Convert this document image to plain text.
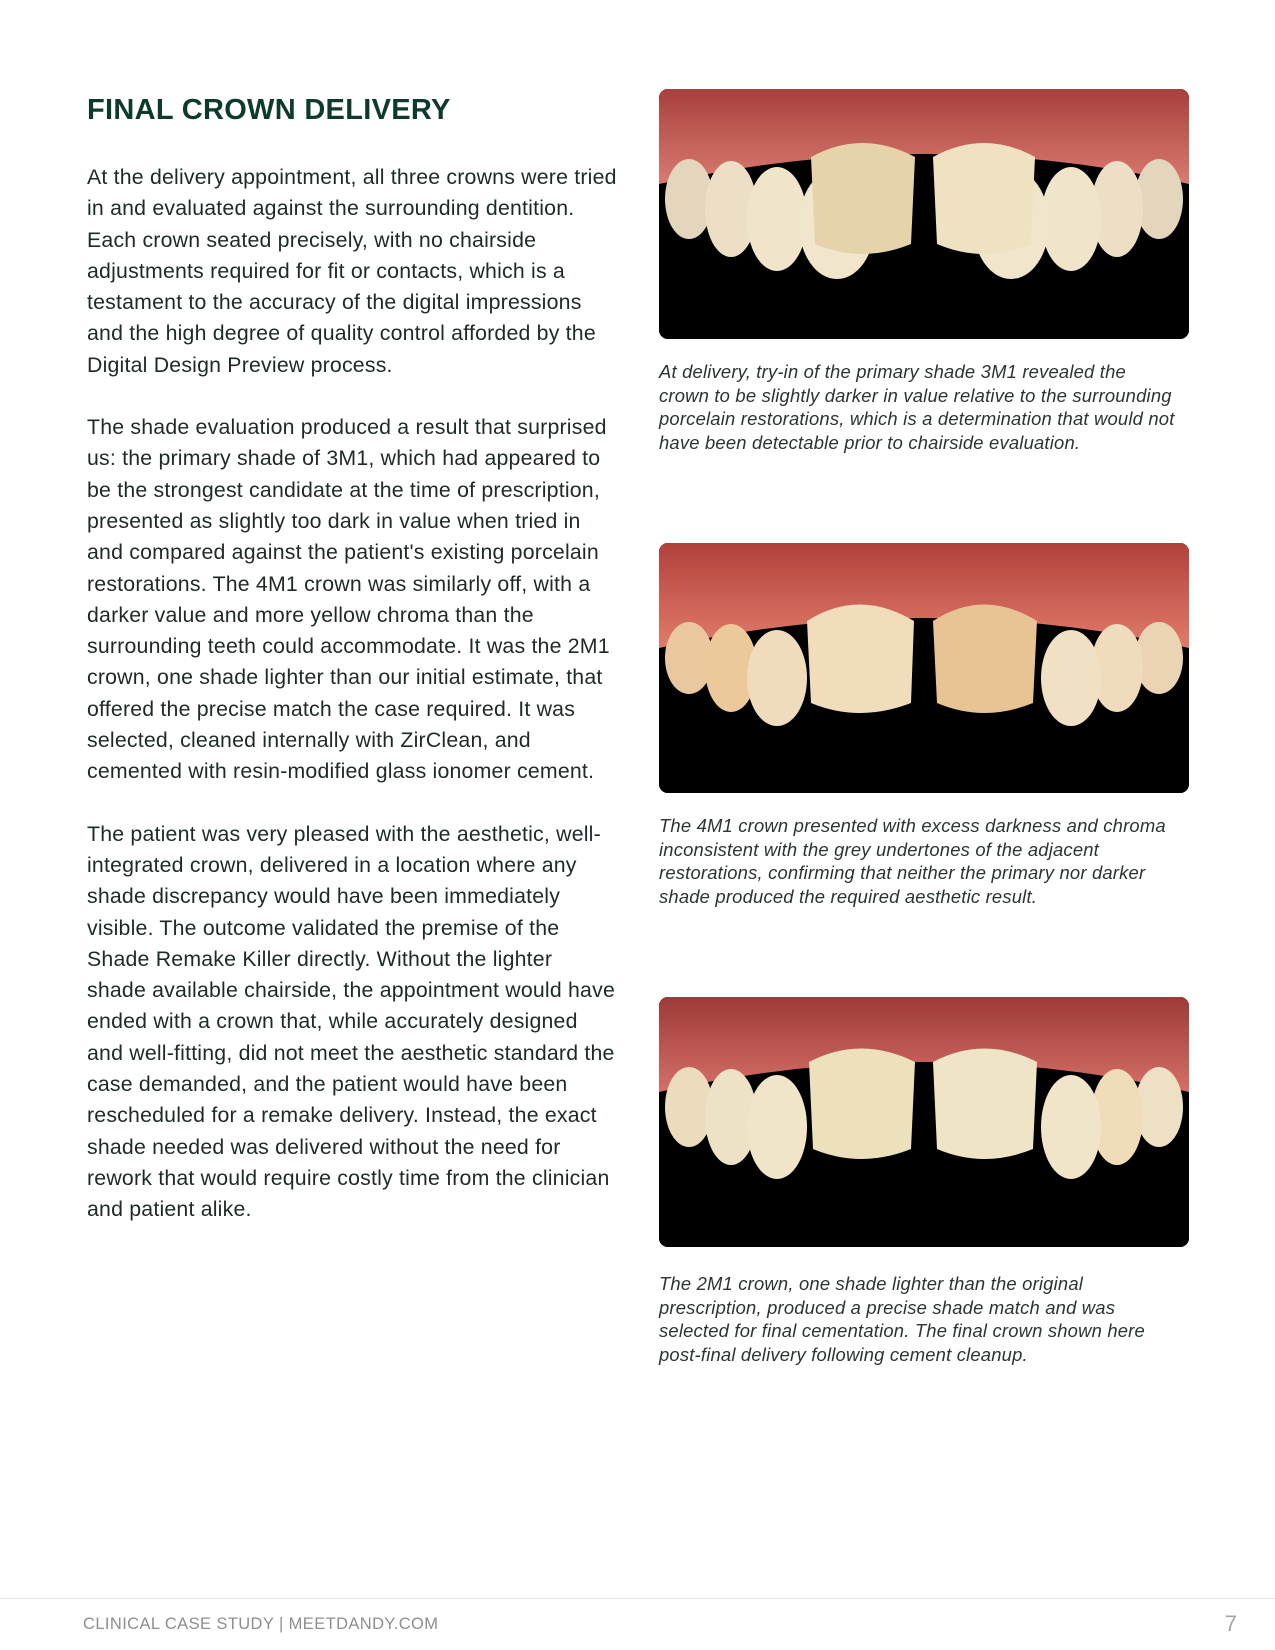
FINAL CROWN DELIVERY

At the delivery appointment, all three crowns were tried in and evaluated against the surrounding dentition. Each crown seated precisely, with no chairside adjustments required for fit or contacts, which is a testament to the accuracy of the digital impressions and the high degree of quality control afforded by the Digital Design Preview process.

The shade evaluation produced a result that surprised us: the primary shade of 3M1, which had appeared to be the strongest candidate at the time of prescription, presented as slightly too dark in value when tried in and compared against the patient's existing porcelain restorations. The 4M1 crown was similarly off, with a darker value and more yellow chroma than the surrounding teeth could accommodate. It was the 2M1 crown, one shade lighter than our initial estimate, that offered the precise match the case required. It was selected, cleaned internally with ZirClean, and cemented with resin-modified glass ionomer cement.

The patient was very pleased with the aesthetic, well-integrated crown, delivered in a location where any shade discrepancy would have been immediately visible. The outcome validated the premise of the Shade Remake Killer directly. Without the lighter shade available chairside, the appointment would have ended with a crown that, while accurately designed and well-fitting, did not meet the aesthetic standard the case demanded, and the patient would have been rescheduled for a remake delivery. Instead, the exact shade needed was delivered without the need for rework that would require costly time from the clinician and patient alike.

At delivery, try-in of the primary shade 3M1 revealed the crown to be slightly darker in value relative to the surrounding porcelain restorations, which is a determination that would not have been detectable prior to chairside evaluation.

The 4M1 crown presented with excess darkness and chroma inconsistent with the grey undertones of the adjacent restorations, confirming that neither the primary nor darker shade produced the required aesthetic result.

The 2M1 crown, one shade lighter than the original prescription, produced a precise shade match and was selected for final cementation. The final crown shown here post-final delivery following cement cleanup.

CLINICAL CASE STUDY | MEETDANDY.COM	7
